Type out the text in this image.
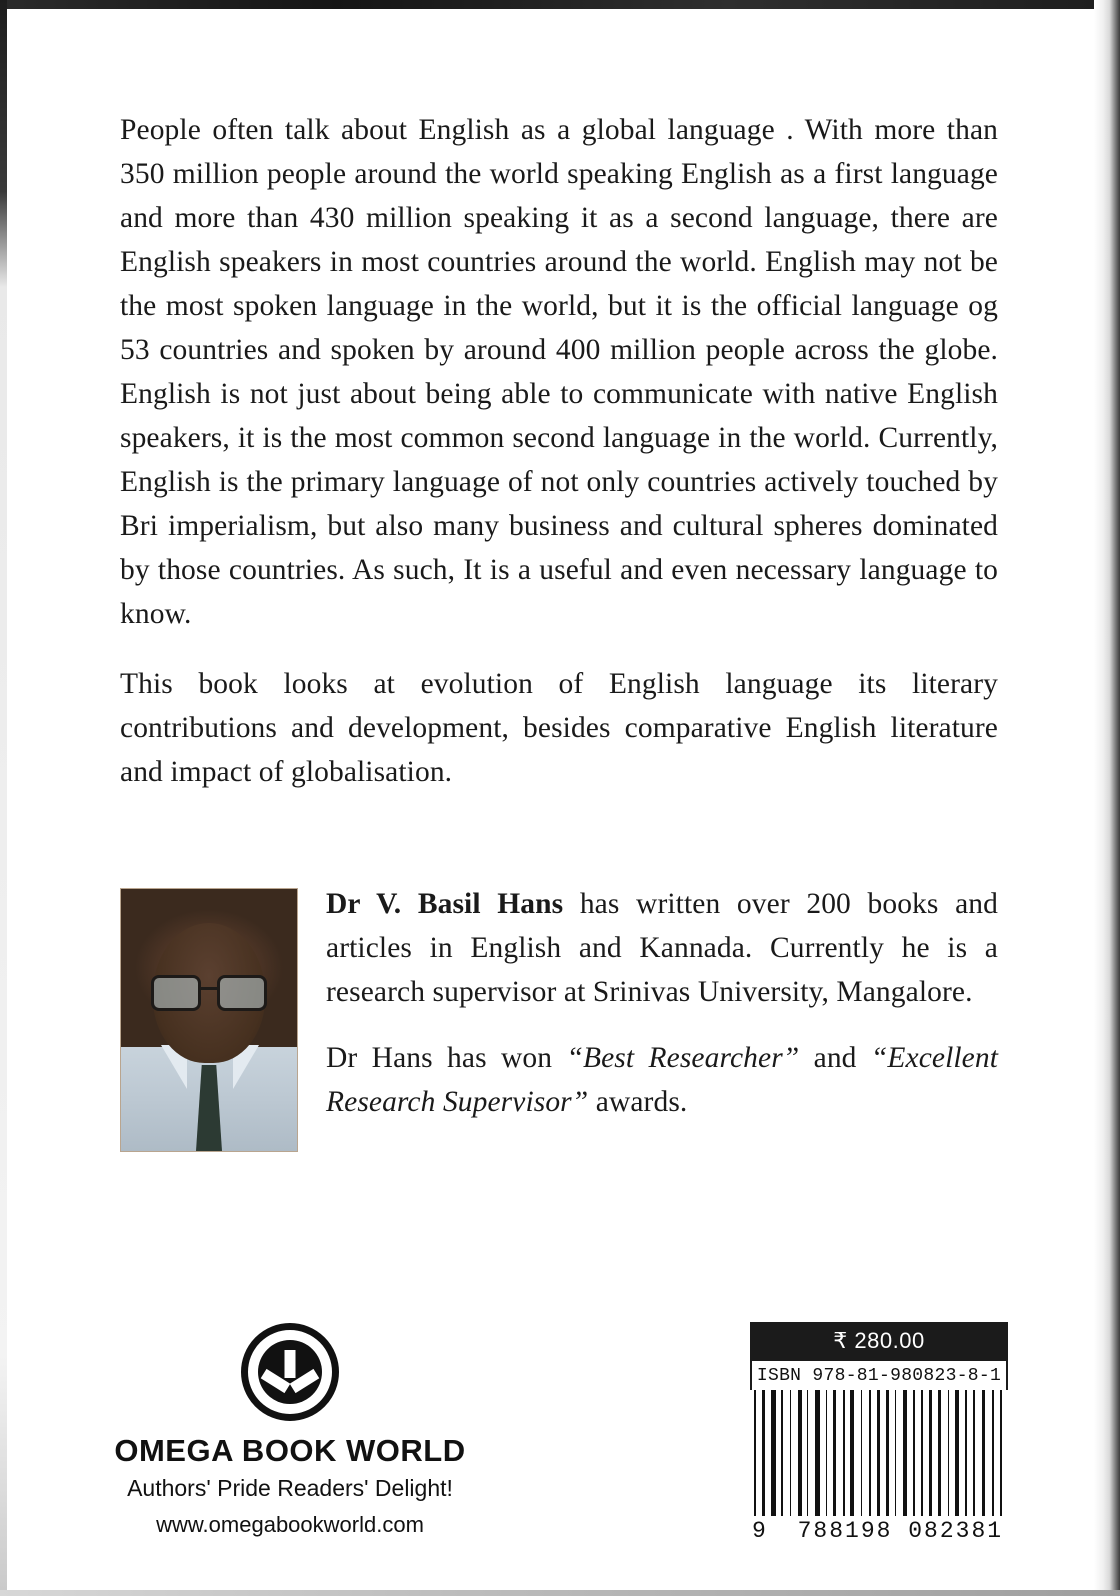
People often talk about English as a global language . With more than 350 million people around the world speaking English as a first language and more than 430 million speaking it as a second language, there are English speakers in most countries around the world. English may not be the most spoken language in the world, but it is the official language og 53 countries and spoken by around 400 million people across the globe. English is not just about being able to communicate with native English speakers, it is the most common second language in the world. Currently, English is the primary language of not only countries actively touched by Bri imperialism, but also many business and cultural spheres dominated by those countries. As such, It is a useful and even necessary language to know.

This book looks at evolution of English language its literary contributions and development, besides comparative English literature and impact of globalisation.

Dr V. Basil Hans has written over 200 books and articles in English and Kannada. Currently he is a research supervisor at Srinivas University, Mangalore.

Dr Hans has won “Best Researcher” and “Excellent Research Supervisor” awards.

OMEGA BOOK WORLD
Authors' Pride Readers' Delight!
www.omegabookworld.com
₹ 280.00
ISBN 978-81-980823-8-1
9 788198 082381
